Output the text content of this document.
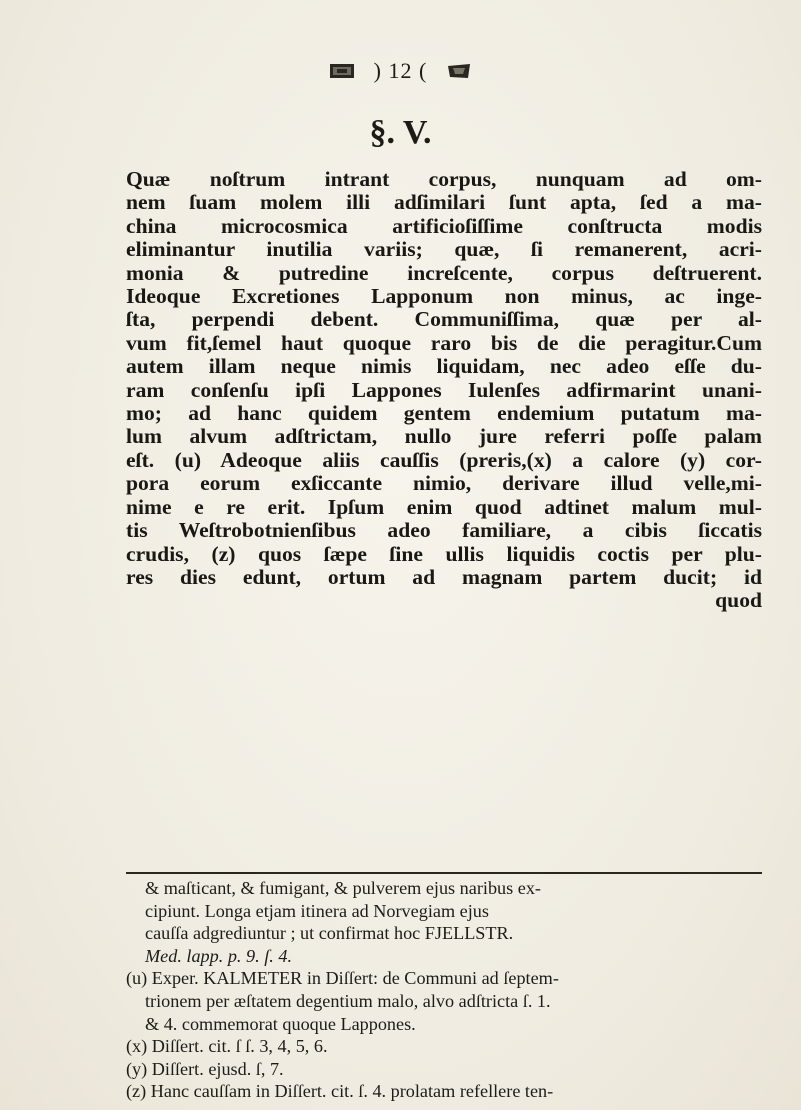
) 12 (
§. V.
Quæ noſtrum intrant corpus, nunquam ad om-
nem ſuam molem illi adſimilari ſunt apta, ſed a ma-
china microcosmica artificioſiſſime conſtructa modis
eliminantur inutilia variis; quæ, ſi remanerent, acri-
monia & putredine increſcente, corpus deſtruerent.
Ideoque Excretiones Lapponum non minus, ac inge-
ſta, perpendi debent. Communiſſima, quæ per al-
vum fit,ſemel haut quoque raro bis de die peragitur.Cum
autem illam neque nimis liquidam, nec adeo eſſe du-
ram conſenſu ipſi Lappones Iulenſes adfirmarint unani-
mo; ad hanc quidem gentem endemium putatum ma-
lum alvum adſtrictam, nullo jure referri poſſe palam
eſt. (u) Adeoque aliis cauſſis (preris,(x) a calore (y) cor-
pora eorum exſiccante nimio, derivare illud velle,mi-
nime e re erit. Ipſum enim quod adtinet malum mul-
tis Weſtrobotnienſibus adeo familiare, a cibis ſiccatis
crudis, (z) quos ſæpe ſine ullis liquidis coctis per plu-
res dies edunt, ortum ad magnam partem ducit; id
quod
& maſticant, & fumigant, & pulverem ejus naribus ex-
cipiunt. Longa etjam itinera ad Norvegiam ejus
cauſſa adgrediuntur ; ut confirmat hoc FJELLSTR.
Med. lapp. p. 9. ſ. 4.
(u) Exper. KALMETER in Diſſert: de Communi ad ſeptem-
trionem per æſtatem degentium malo, alvo adſtricta ſ. 1.
& 4. commemorat quoque Lappones.
(x) Diſſert. cit. ſ ſ. 3, 4, 5, 6.
(y) Diſſert. ejusd. ſ, 7.
(z) Hanc cauſſam in Diſſert. cit. ſ. 4. prolatam refellere ten-
